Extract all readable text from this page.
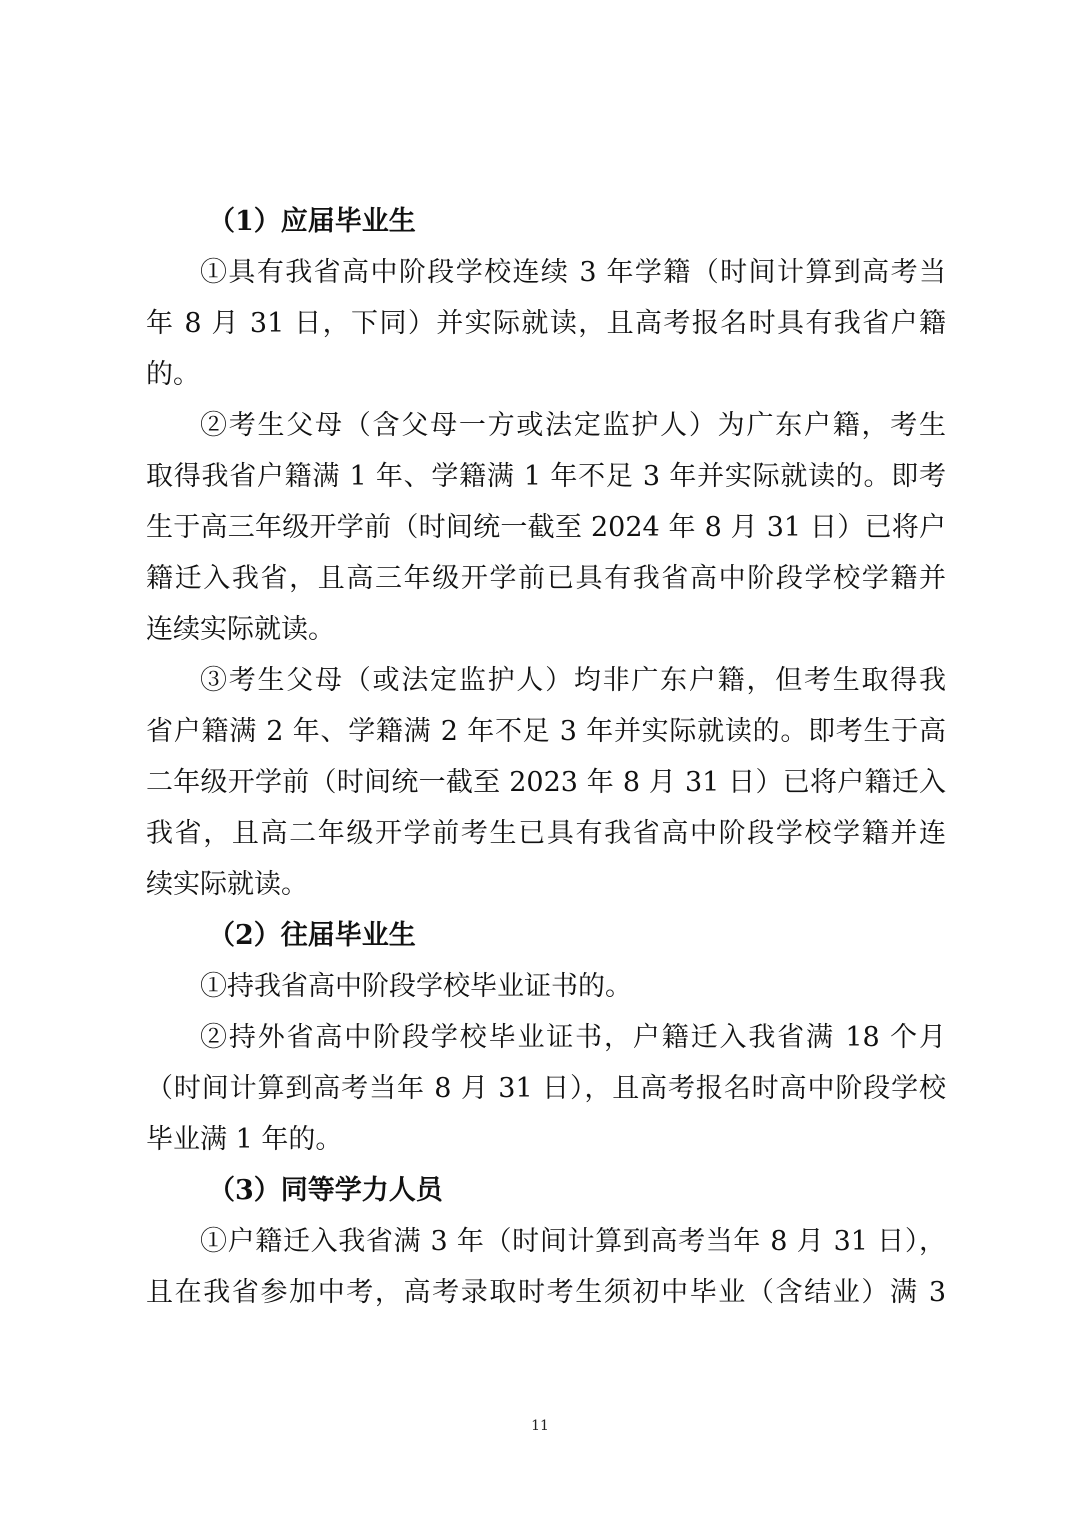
（1）应届毕业生
①具有我省高中阶段学校连续 3 年学籍（时间计算到高考当
年 8 月 31 日，下同）并实际就读，且高考报名时具有我省户籍
的。
②考生父母（含父母一方或法定监护人）为广东户籍，考生
取得我省户籍满 1 年、学籍满 1 年不足 3 年并实际就读的。即考
生于高三年级开学前（时间统一截至 2024 年 8 月 31 日）已将户
籍迁入我省，且高三年级开学前已具有我省高中阶段学校学籍并
连续实际就读。
③考生父母（或法定监护人）均非广东户籍，但考生取得我
省户籍满 2 年、学籍满 2 年不足 3 年并实际就读的。即考生于高
二年级开学前（时间统一截至 2023 年 8 月 31 日）已将户籍迁入
我省，且高二年级开学前考生已具有我省高中阶段学校学籍并连
续实际就读。
（2）往届毕业生
①持我省高中阶段学校毕业证书的。
②持外省高中阶段学校毕业证书，户籍迁入我省满 18 个月
（时间计算到高考当年 8 月 31 日），且高考报名时高中阶段学校
毕业满 1 年的。
（3）同等学力人员
①户籍迁入我省满 3 年（时间计算到高考当年 8 月 31 日），
且在我省参加中考，高考录取时考生须初中毕业（含结业）满 3
11
